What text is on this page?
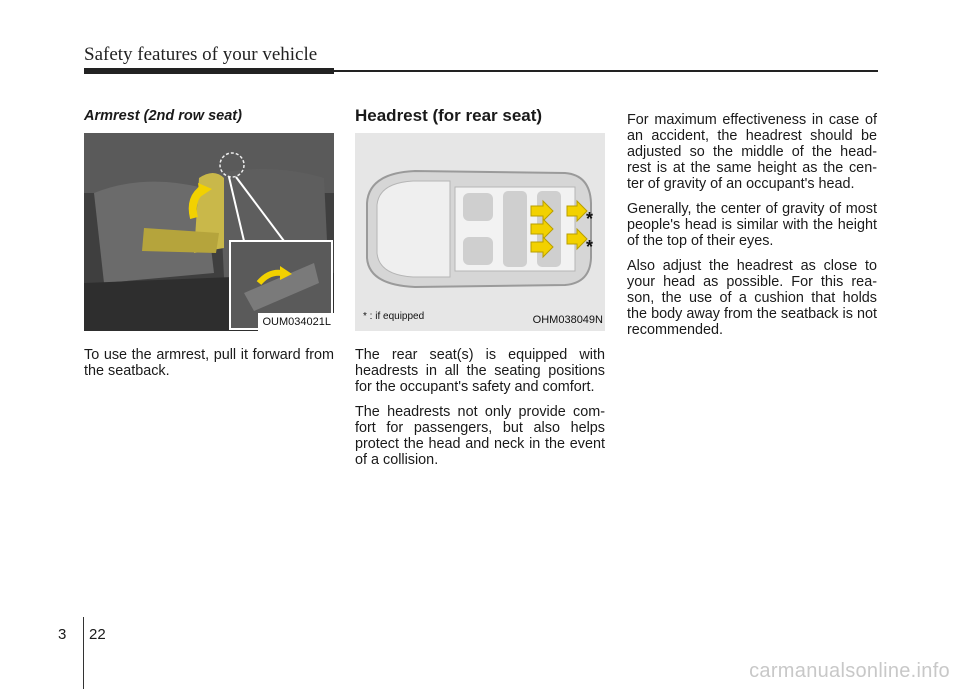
Safety features of your vehicle

Armrest (2nd row seat)

OUM034021L

To use the armrest, pull it forward from the seatback.

Headrest (for rear seat)

*
*
* : if equipped	OHM038049N

The rear seat(s) is equipped with headrests in all the seating positions for the occupant's safety and comfort.

The headrests not only provide com- fort for passengers, but also helps protect the head and neck in the event of a collision.

For maximum effectiveness in case of an accident, the headrest should be adjusted so the middle of the head- rest is at the same height as the cen- ter of gravity of an occupant's head.

Generally, the center of gravity of most people's head is similar with the height of the top of their eyes.

Also adjust the headrest as close to your head as possible. For this rea- son, the use of a cushion that holds the body away from the seatback is not recommended.

3 22
carmanualsonline.info
